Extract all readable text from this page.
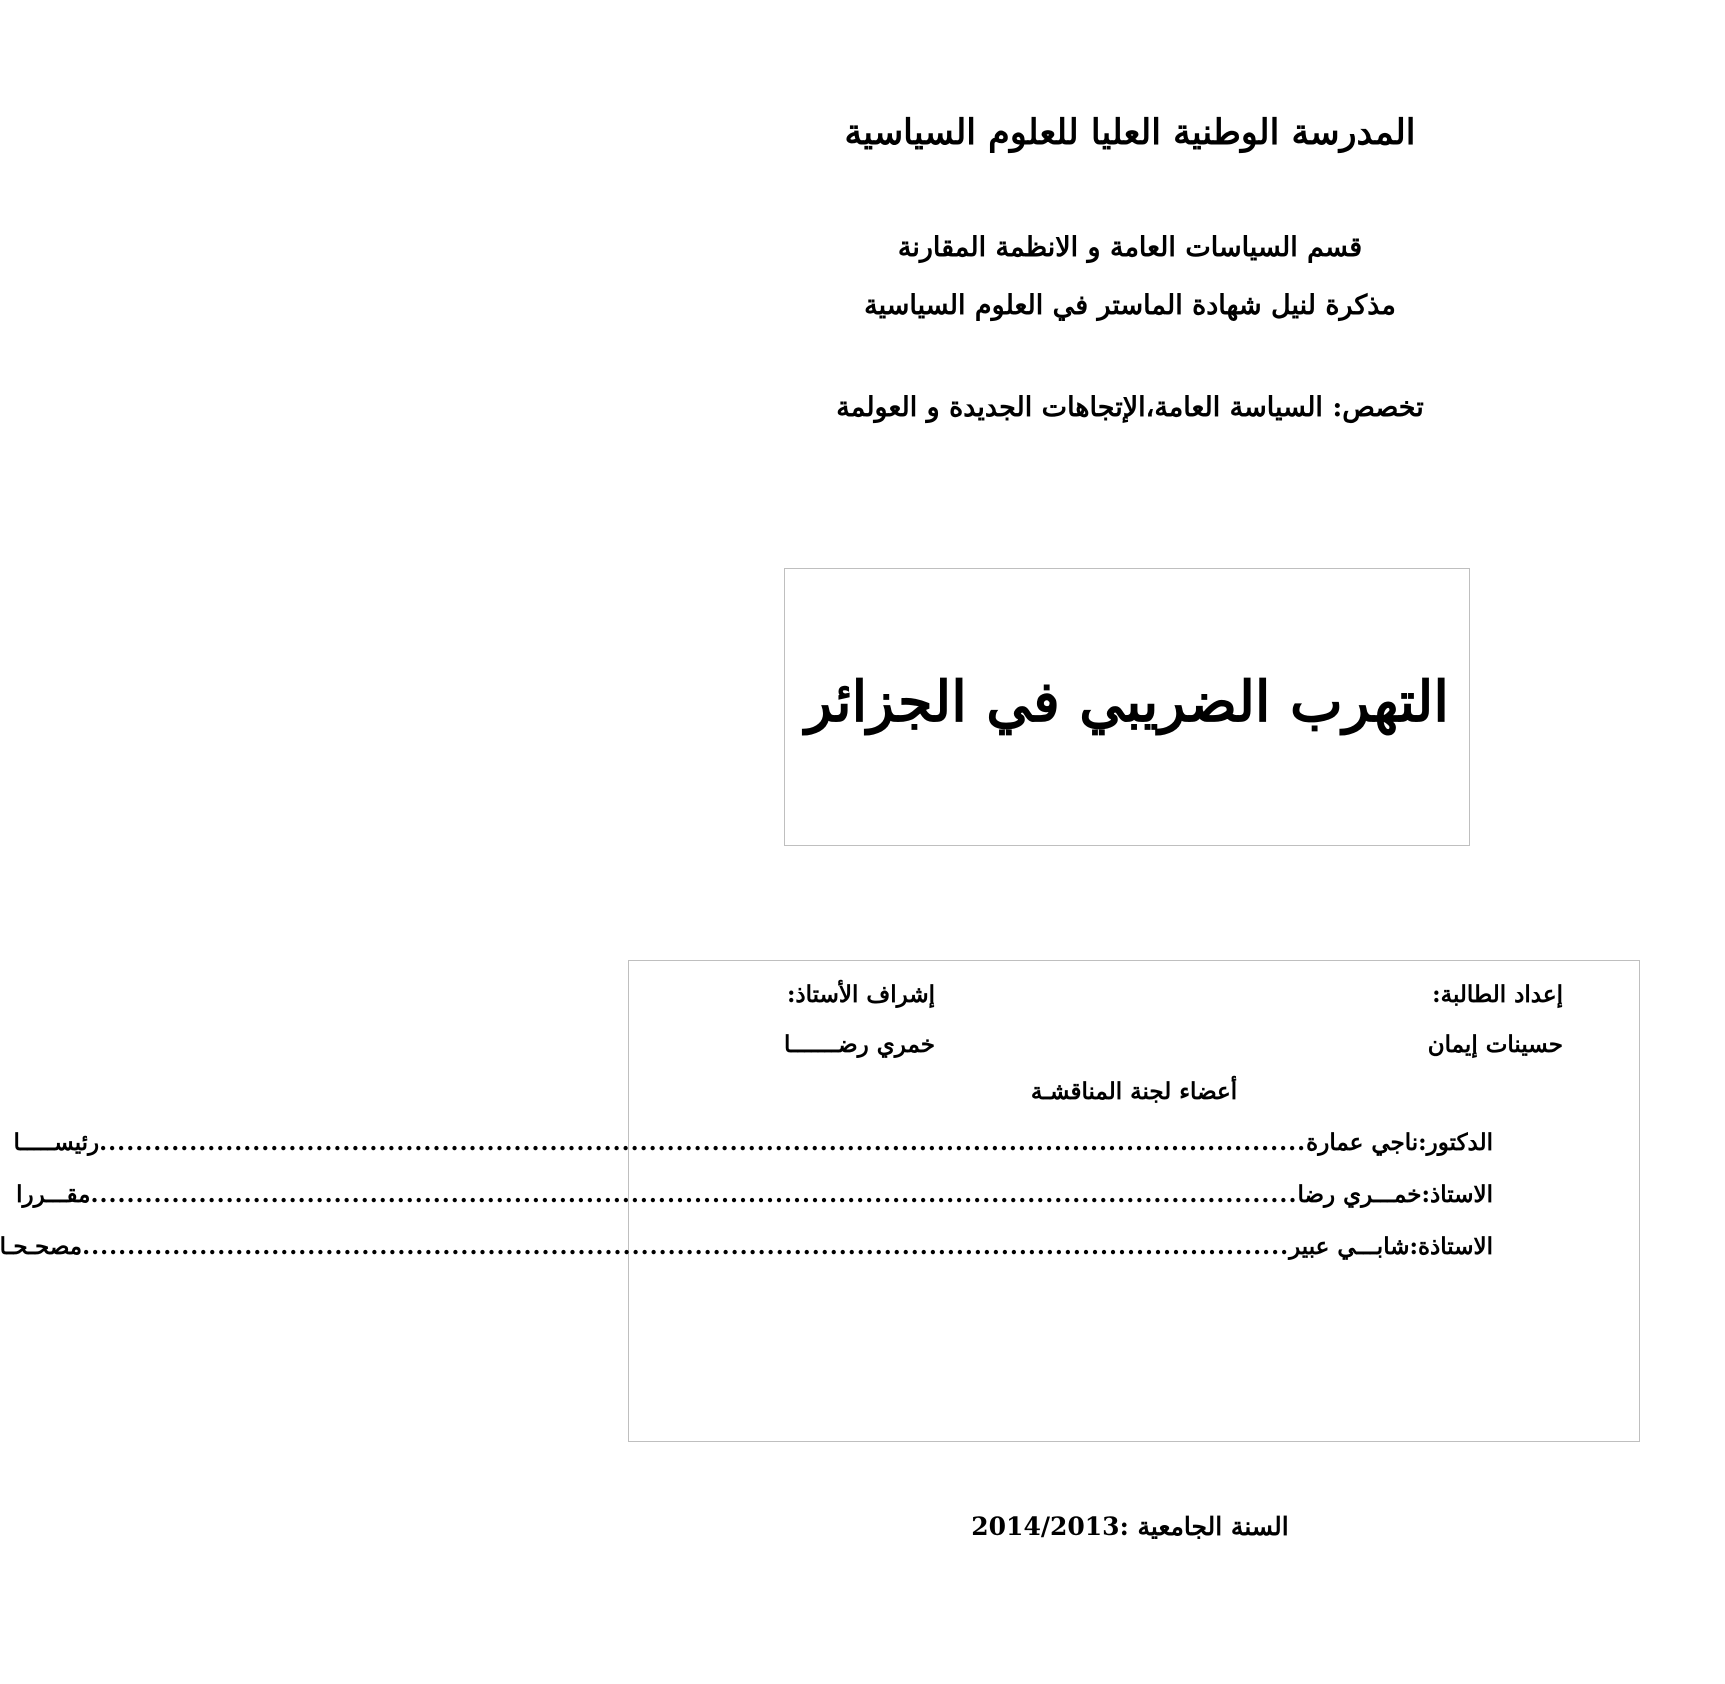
المدرسة الوطنية العليا للعلوم السياسية
قسم السياسات العامة و الانظمة المقارنة
مذكرة لنيل شهادة الماستر في العلوم السياسية
تخصص: السياسة العامة،الإتجاهات الجديدة و العولمة
التهرب الضريبي في الجزائر
إعداد الطالبة:
حسينات إيمان
إشراف الأستاذ:
خمري رضـــــــا
أعضاء لجنة المناقشـة
الدكتور:ناجي عمارة
......................................................................................................................................
رئيســـــا
الاستاذ:خمـــري رضا
......................................................................................................................................
مقـــررا
الاستاذة:شابـــي عبير
......................................................................................................................................
مصحـحـا
السنة الجامعية :2014/2013
